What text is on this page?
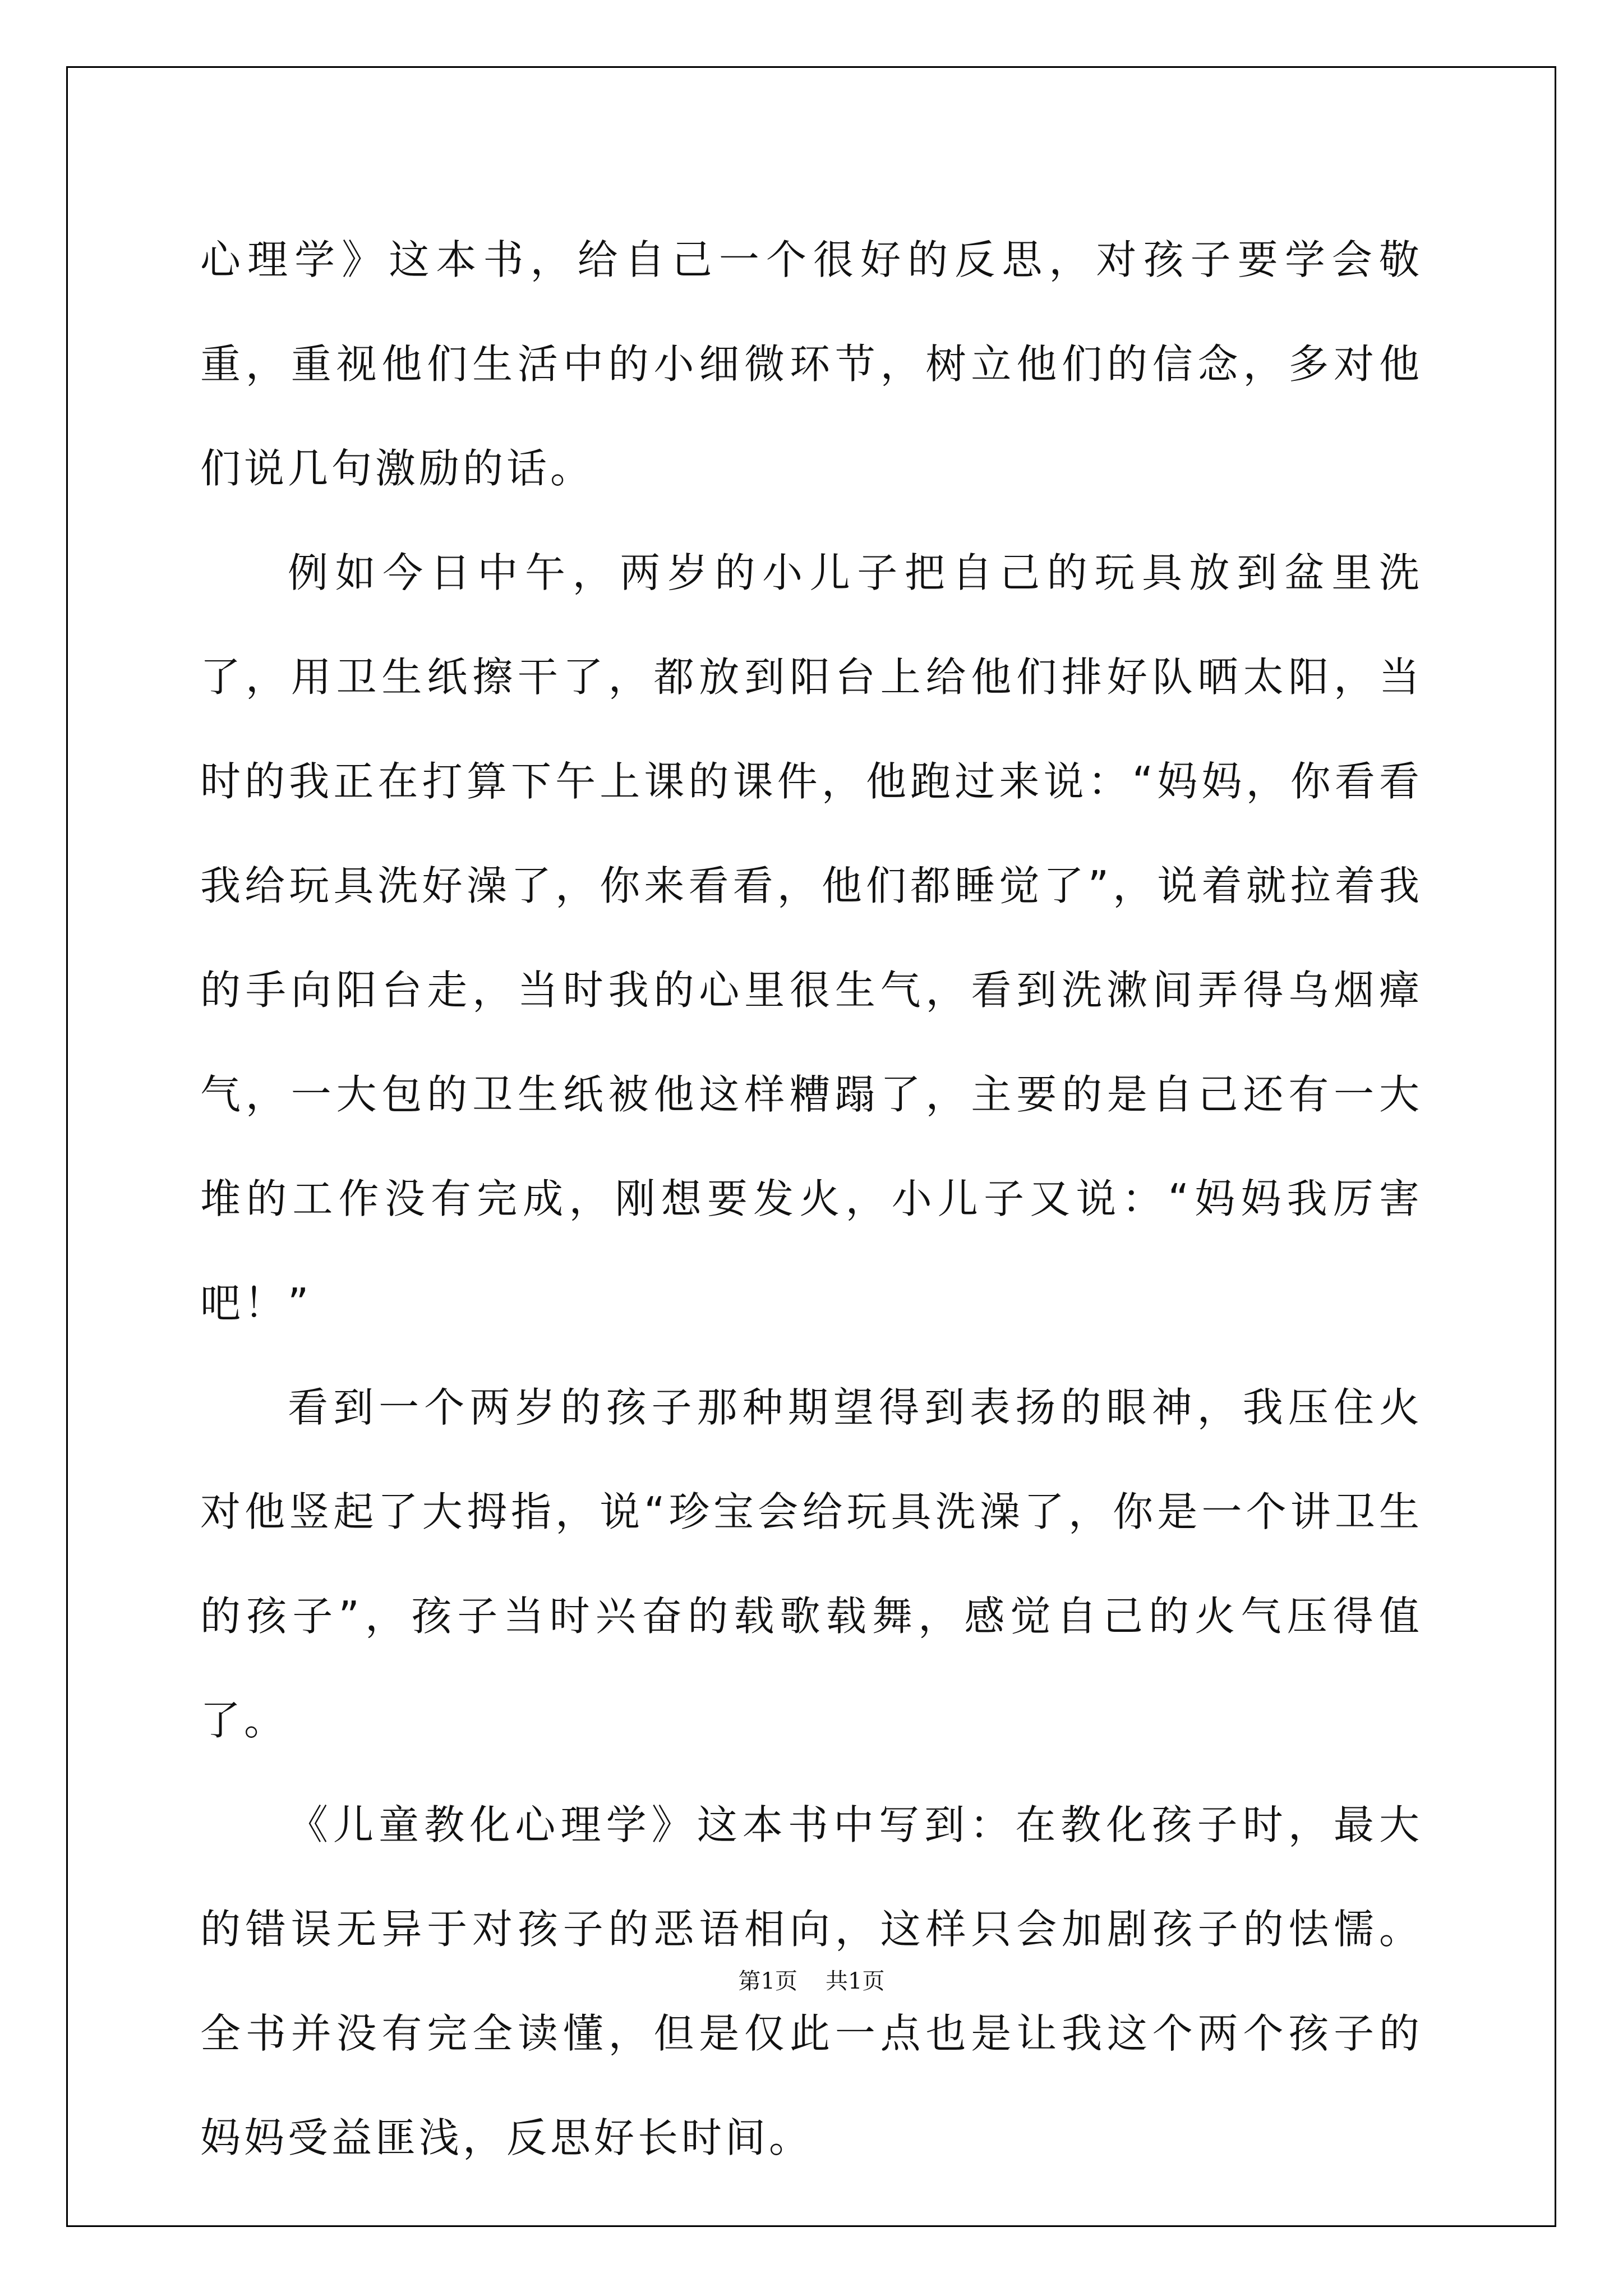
心理学》这本书，给自己一个很好的反思，对孩子要学会敬重，重视他们生活中的小细微环节，树立他们的信念，多对他们说几句激励的话。

例如今日中午，两岁的小儿子把自己的玩具放到盆里洗了，用卫生纸擦干了，都放到阳台上给他们排好队晒太阳，当时的我正在打算下午上课的课件，他跑过来说：“妈妈，你看看我给玩具洗好澡了，你来看看，他们都睡觉了”，说着就拉着我的手向阳台走，当时我的心里很生气，看到洗漱间弄得乌烟瘴气，一大包的卫生纸被他这样糟蹋了，主要的是自己还有一大堆的工作没有完成，刚想要发火，小儿子又说：“妈妈我厉害吧！”

看到一个两岁的孩子那种期望得到表扬的眼神，我压住火对他竖起了大拇指，说“珍宝会给玩具洗澡了，你是一个讲卫生的孩子”，孩子当时兴奋的载歌载舞，感觉自己的火气压得值了。

《儿童教化心理学》这本书中写到：在教化孩子时，最大的错误无异于对孩子的恶语相向，这样只会加剧孩子的怯懦。全书并没有完全读懂，但是仅此一点也是让我这个两个孩子的妈妈受益匪浅，反思好长时间。

第1页 共1页
